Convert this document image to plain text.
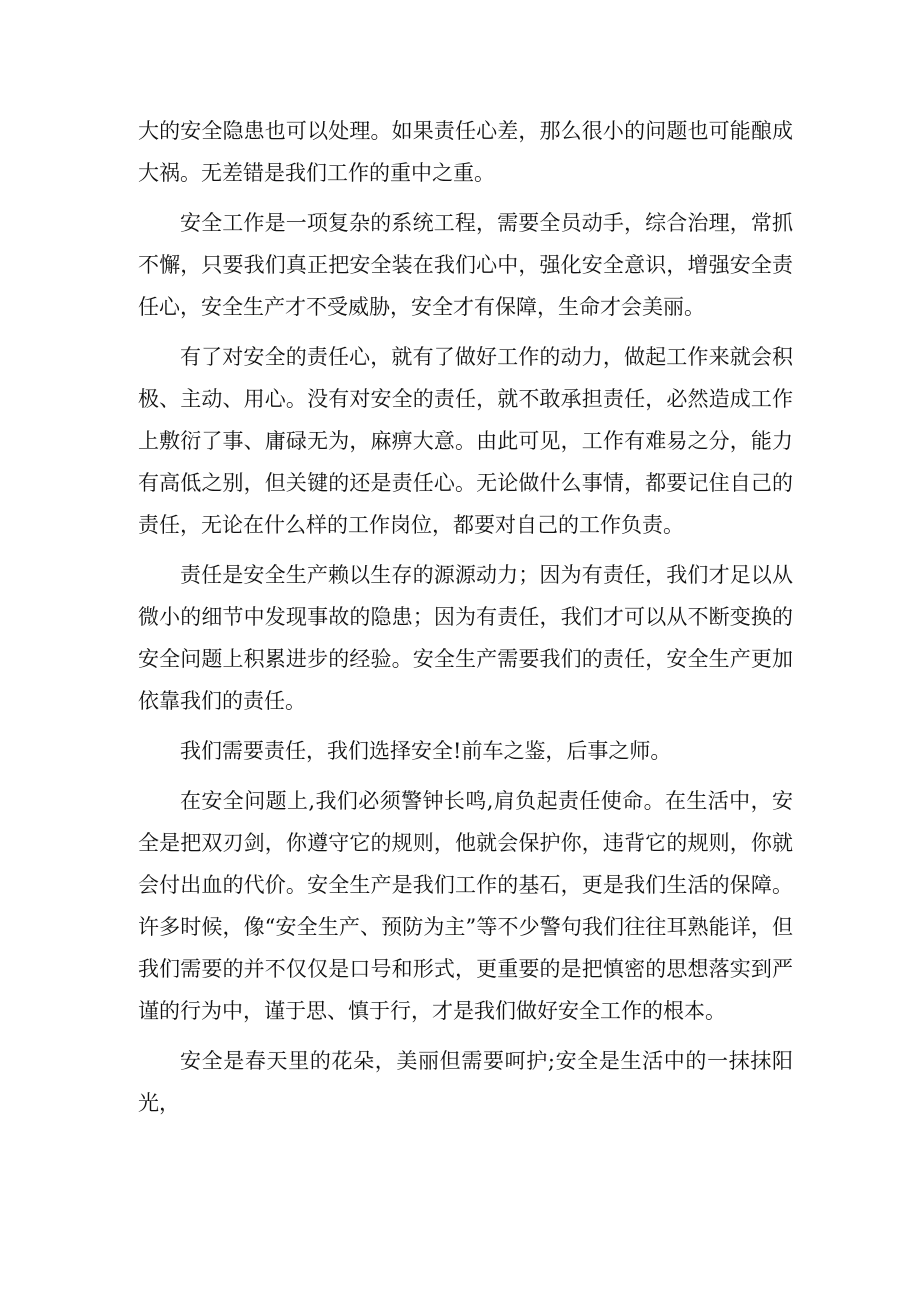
大的安全隐患也可以处理。如果责任心差，那么很小的问题也可能酿成大祸。无差错是我们工作的重中之重。

安全工作是一项复杂的系统工程，需要全员动手，综合治理，常抓不懈，只要我们真正把安全装在我们心中，强化安全意识，增强安全责任心，安全生产才不受威胁，安全才有保障，生命才会美丽。

有了对安全的责任心，就有了做好工作的动力，做起工作来就会积极、主动、用心。没有对安全的责任，就不敢承担责任，必然造成工作上敷衍了事、庸碌无为，麻痹大意。由此可见，工作有难易之分，能力有高低之别，但关键的还是责任心。无论做什么事情，都要记住自己的责任，无论在什么样的工作岗位，都要对自己的工作负责。

责任是安全生产赖以生存的源源动力；因为有责任，我们才足以从微小的细节中发现事故的隐患；因为有责任，我们才可以从不断变换的安全问题上积累进步的经验。安全生产需要我们的责任，安全生产更加依靠我们的责任。

我们需要责任，我们选择安全!前车之鉴，后事之师。

在安全问题上,我们必须警钟长鸣,肩负起责任使命。在生活中，安全是把双刃剑，你遵守它的规则，他就会保护你，违背它的规则，你就会付出血的代价。安全生产是我们工作的基石，更是我们生活的保障。许多时候，像“安全生产、预防为主”等不少警句我们往往耳熟能详，但我们需要的并不仅仅是口号和形式，更重要的是把慎密的思想落实到严谨的行为中，谨于思、慎于行，才是我们做好安全工作的根本。

安全是春天里的花朵，美丽但需要呵护;安全是生活中的一抹抹阳光，
